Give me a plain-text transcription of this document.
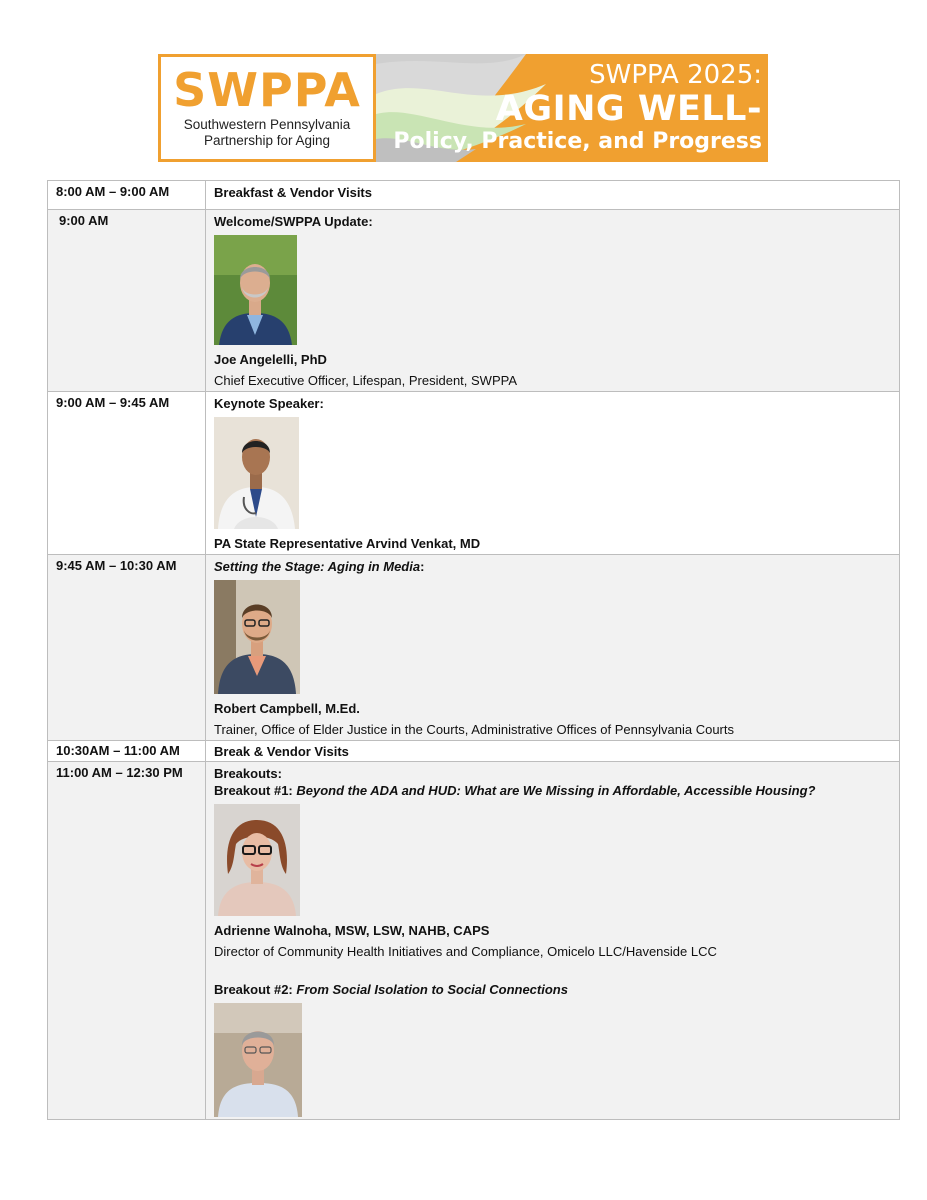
SWPPA
Southwestern Pennsylvania
Partnership for Aging
SWPPA 2025:
AGING WELL-
Policy, Practice, and Progress
8:00 AM – 9:00 AM	Breakfast & Vendor Visits

9:00 AM	Welcome/SWPPA Update:
Joe Angelelli, PhD
Chief Executive Officer, Lifespan, President, SWPPA

9:00 AM – 9:45 AM	Keynote Speaker:
PA State Representative Arvind Venkat, MD

9:45 AM – 10:30 AM	Setting the Stage: Aging in Media:
Robert Campbell, M.Ed.
Trainer, Office of Elder Justice in the Courts, Administrative Offices of Pennsylvania Courts

10:30AM – 11:00 AM	Break & Vendor Visits

11:00 AM – 12:30 PM	Breakouts:
Breakout #1: Beyond the ADA and HUD: What are We Missing in Affordable, Accessible Housing?
Adrienne Walnoha, MSW, LSW, NAHB, CAPS
Director of Community Health Initiatives and Compliance, Omicelo LLC/Havenside LCC
Breakout #2: From Social Isolation to Social Connections
